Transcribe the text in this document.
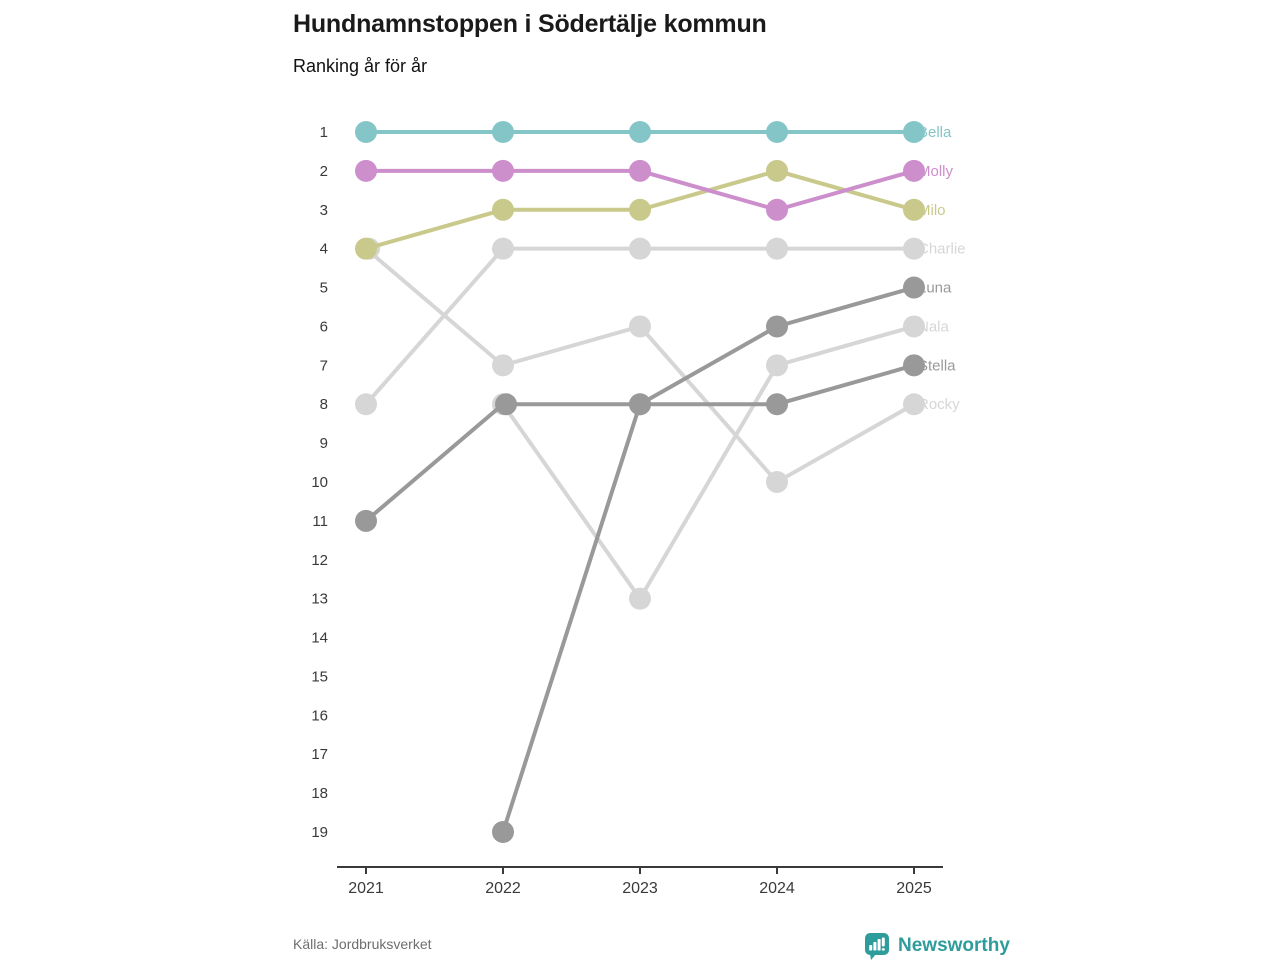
Hundnamnstoppen i Södertälje kommun
Ranking år för år
1
2
3
4
5
6
7
8
9
10
11
12
13
14
15
16
17
18
19
2021	2022	2023	2024	2025
Bella
Molly
Milo
Charlie
Luna
Nala
Stella
Rocky
Källa: Jordbruksverket	Newsworthy
